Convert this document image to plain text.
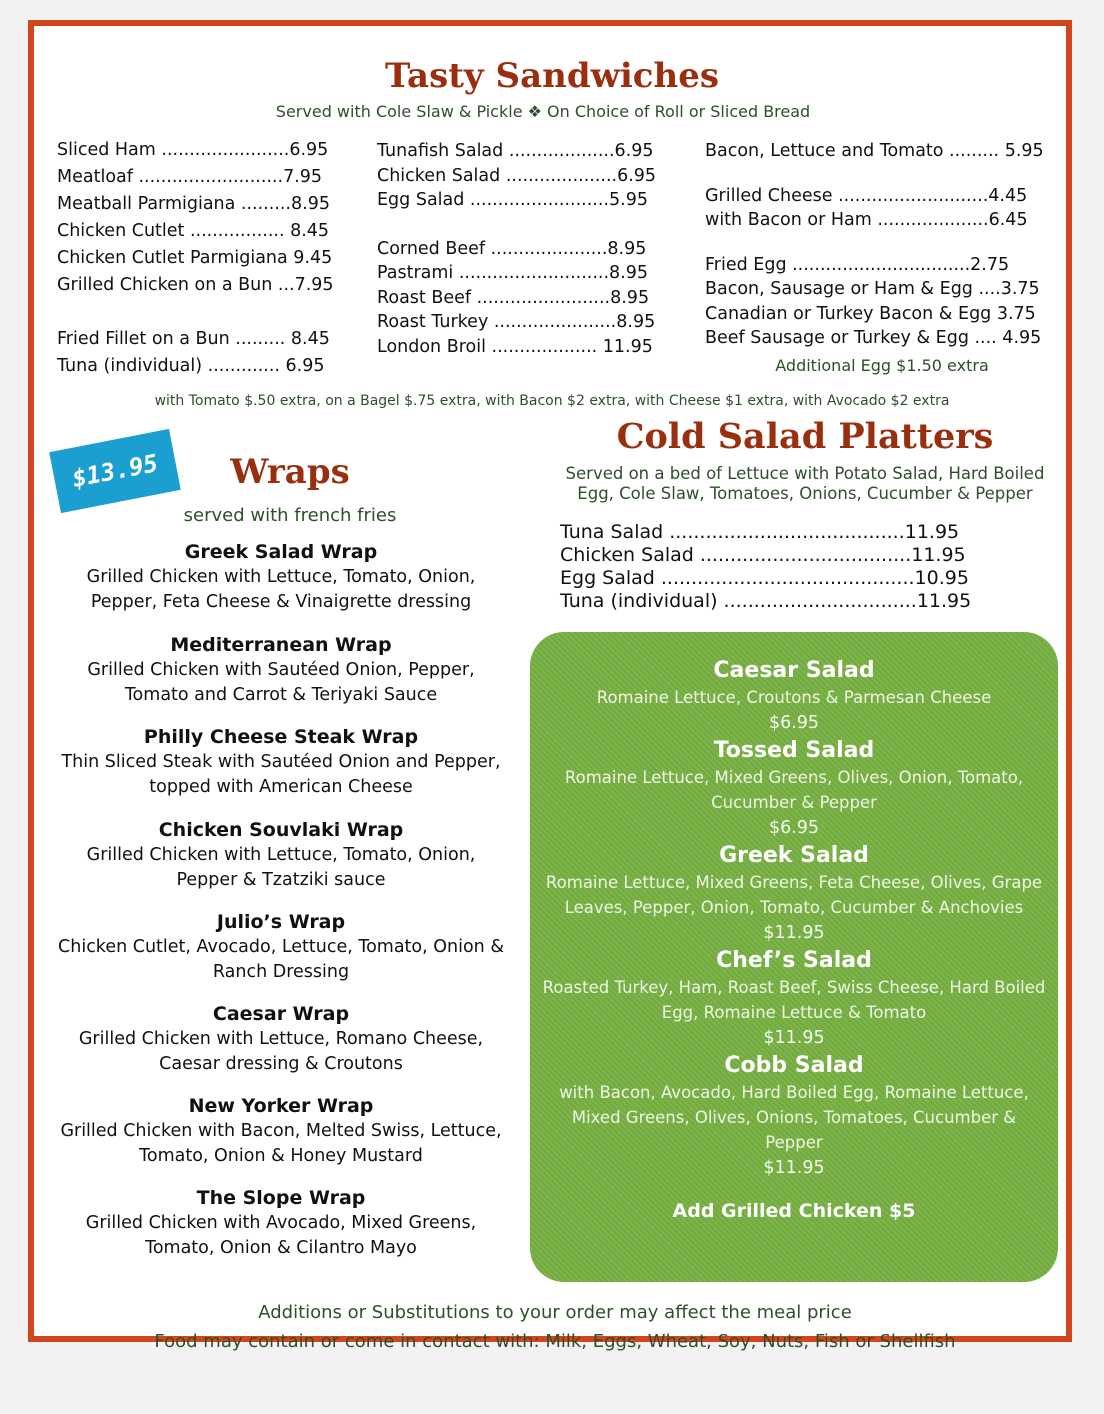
Tasty Sandwiches
Served with Cole Slaw & Pickle ❖ On Choice of Roll or Sliced Bread
Sliced Ham .......................6.95
Meatloaf ..........................7.95
Meatball Parmigiana .........8.95
Chicken Cutlet ................. 8.45
Chicken Cutlet Parmigiana 9.45
Grilled Chicken on a Bun ...7.95
Fried Fillet on a Bun ......... 8.45
Tuna (individual) ............. 6.95
Tunafish Salad ...................6.95
Chicken Salad ....................6.95
Egg Salad .........................5.95
Corned Beef .....................8.95
Pastrami ...........................8.95
Roast Beef ........................8.95
Roast Turkey ......................8.95
London Broil ................... 11.95
Bacon, Lettuce and Tomato ......... 5.95
Grilled Cheese ...........................4.45
with Bacon or Ham ....................6.45
Fried Egg ................................2.75
Bacon, Sausage or Ham & Egg ....3.75
Canadian or Turkey Bacon & Egg 3.75
Beef Sausage or Turkey & Egg .... 4.95
Additional Egg $1.50 extra
with Tomato $.50 extra, on a Bagel $.75 extra, with Bacon $2 extra, with Cheese $1 extra, with Avocado $2 extra
$13.95	Wraps
served with french fries
Greek Salad Wrap
Grilled Chicken with Lettuce, Tomato, Onion,
Pepper, Feta Cheese & Vinaigrette dressing
Mediterranean Wrap
Grilled Chicken with Sautéed Onion, Pepper,
Tomato and Carrot & Teriyaki Sauce
Philly Cheese Steak Wrap
Thin Sliced Steak with Sautéed Onion and Pepper,
topped with American Cheese
Chicken Souvlaki Wrap
Grilled Chicken with Lettuce, Tomato, Onion,
Pepper & Tzatziki sauce
Julio’s Wrap
Chicken Cutlet, Avocado, Lettuce, Tomato, Onion &
Ranch Dressing
Caesar Wrap
Grilled Chicken with Lettuce, Romano Cheese,
Caesar dressing & Croutons
New Yorker Wrap
Grilled Chicken with Bacon, Melted Swiss, Lettuce,
Tomato, Onion & Honey Mustard
The Slope Wrap
Grilled Chicken with Avocado, Mixed Greens,
Tomato, Onion & Cilantro Mayo
Cold Salad Platters
Served on a bed of Lettuce with Potato Salad, Hard Boiled
Egg, Cole Slaw, Tomatoes, Onions, Cucumber & Pepper
Tuna Salad .......................................11.95
Chicken Salad ...................................11.95
Egg Salad ..........................................10.95
Tuna (individual) ................................11.95
Caesar Salad
Romaine Lettuce, Croutons & Parmesan Cheese
$6.95
Tossed Salad
Romaine Lettuce, Mixed Greens, Olives, Onion, Tomato,
Cucumber & Pepper
$6.95
Greek Salad
Romaine Lettuce, Mixed Greens, Feta Cheese, Olives, Grape
Leaves, Pepper, Onion, Tomato, Cucumber & Anchovies
$11.95
Chef’s Salad
Roasted Turkey, Ham, Roast Beef, Swiss Cheese, Hard Boiled
Egg, Romaine Lettuce & Tomato
$11.95
Cobb Salad
with Bacon, Avocado, Hard Boiled Egg, Romaine Lettuce,
Mixed Greens, Olives, Onions, Tomatoes, Cucumber &
Pepper
$11.95
Add Grilled Chicken $5
Additions or Substitutions to your order may affect the meal price
Food may contain or come in contact with: Milk, Eggs, Wheat, Soy, Nuts, Fish or Shellfish
